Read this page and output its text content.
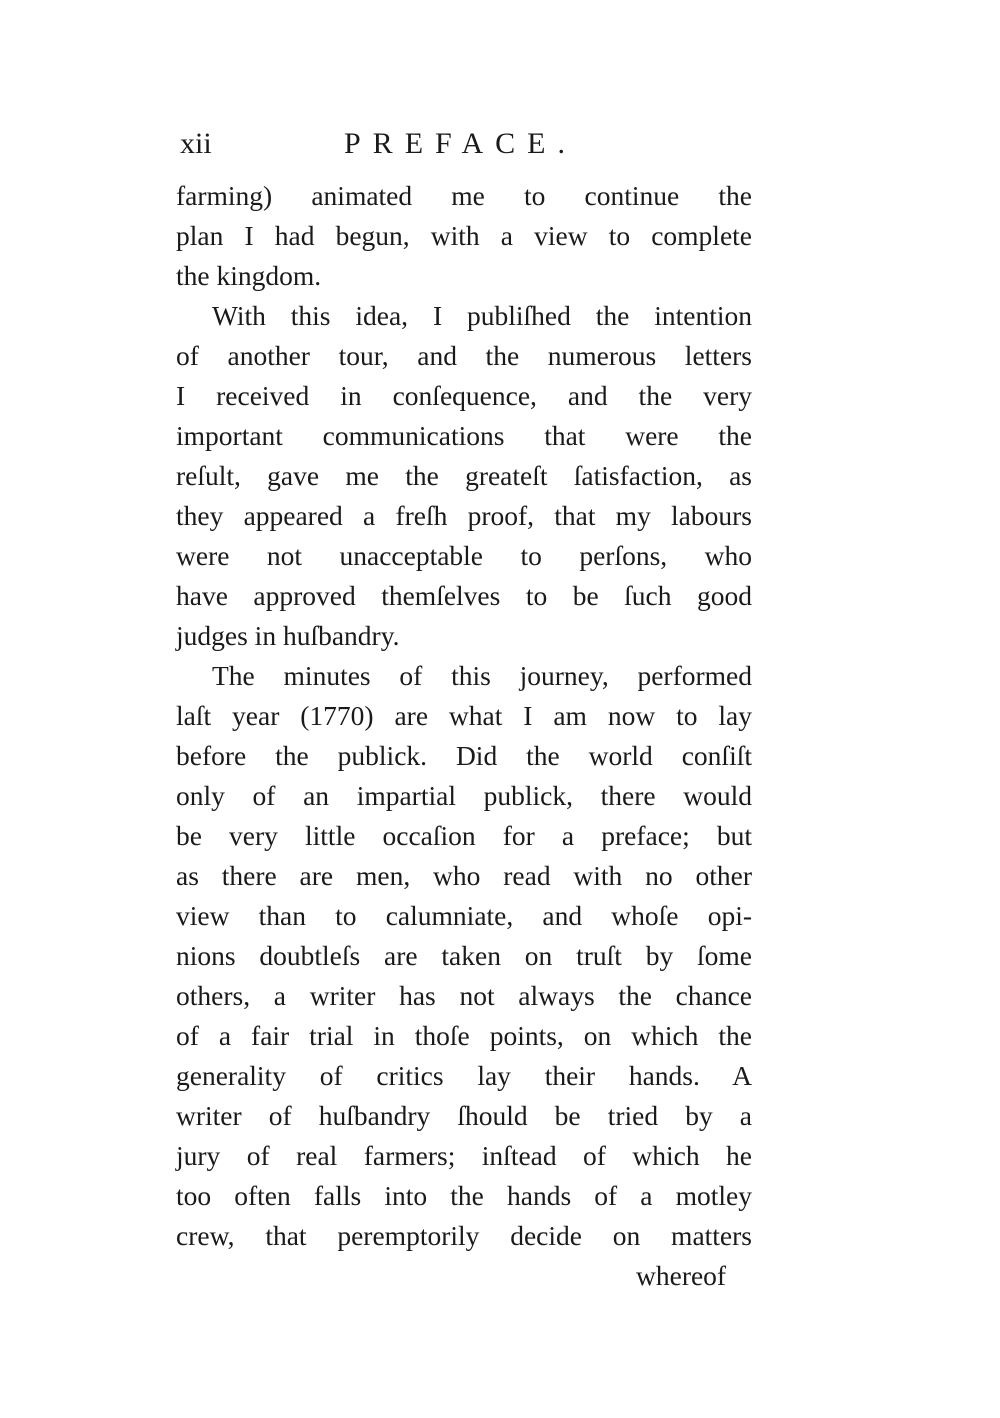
xii	PREFACE.
farming) animated me to continue the
plan I had begun, with a view to complete
the kingdom.
With this idea, I publiſhed the intention
of another tour, and the numerous letters
I received in conſequence, and the very
important communications that were the
reſult, gave me the greateſt ſatisfaction, as
they appeared a freſh proof, that my labours
were not unacceptable to perſons, who
have approved themſelves to be ſuch good
judges in huſbandry.
The minutes of this journey, performed
laſt year (1770) are what I am now to lay
before the publick. Did the world conſiſt
only of an impartial publick, there would
be very little occaſion for a preface; but
as there are men, who read with no other
view than to calumniate, and whoſe opi-
nions doubtleſs are taken on truſt by ſome
others, a writer has not always the chance
of a fair trial in thoſe points, on which the
generality of critics lay their hands. A
writer of huſbandry ſhould be tried by a
jury of real farmers; inſtead of which he
too often falls into the hands of a motley
crew, that peremptorily decide on matters
whereof
